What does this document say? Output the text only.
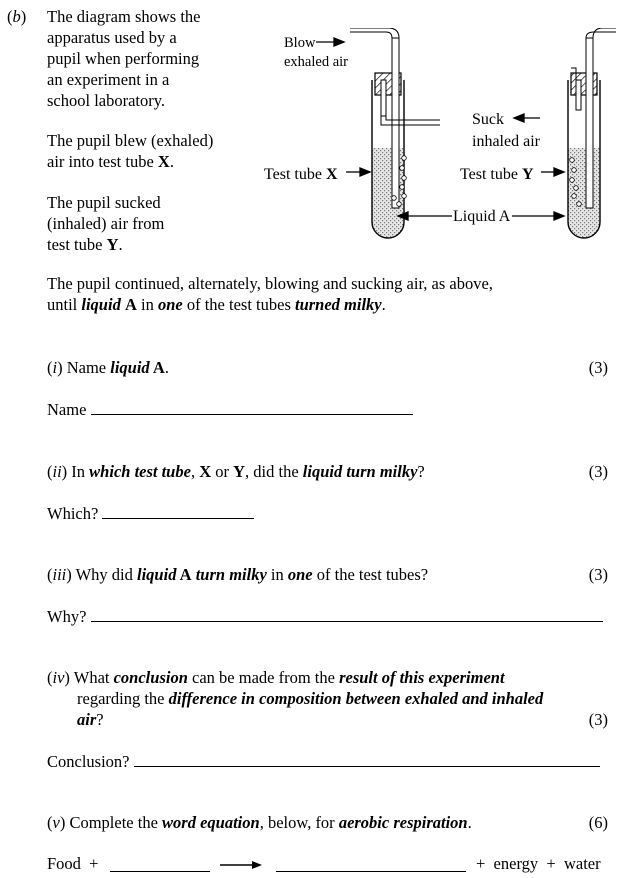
(b) The diagram shows the
apparatus used by a
pupil when performing
an experiment in a
school laboratory.
The pupil blew (exhaled)
air into test tube X.
The pupil sucked
(inhaled) air from
test tube Y.
Blow
exhaled air
Suck
inhaled air
Test tube X	Test tube Y
Liquid A
The pupil continued, alternately, blowing and sucking air, as above,
until liquid A in one of the test tubes turned milky.
(i) Name liquid A.	(3)
Name
(ii) In which test tube, X or Y, did the liquid turn milky?	(3)
Which?
(iii) Why did liquid A turn milky in one of the test tubes?	(3)
Why?
(iv) What conclusion can be made from the result of this experiment
regarding the difference in composition between exhaled and inhaled
air?	(3)
Conclusion?
(v) Complete the word equation, below, for aerobic respiration.	(6)
Food  +	+  energy  +  water
